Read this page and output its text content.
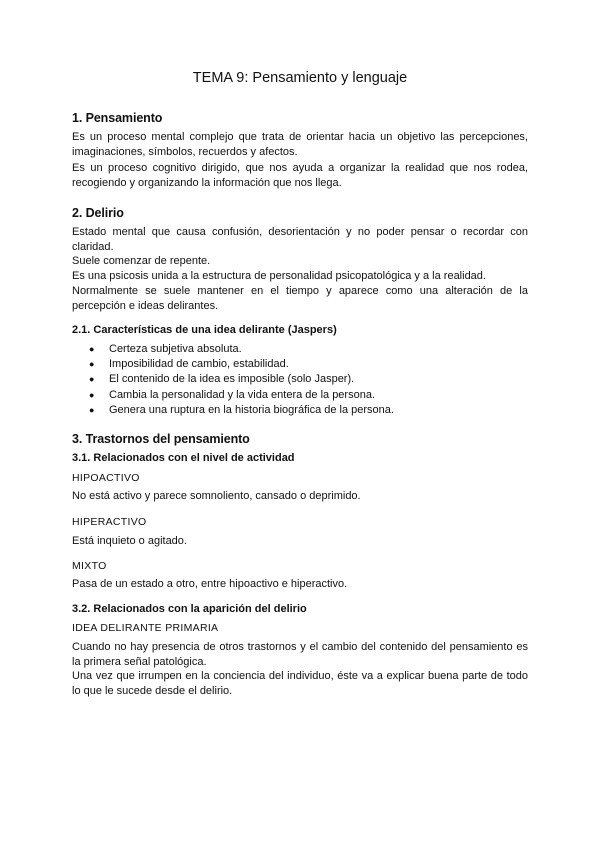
TEMA 9: Pensamiento y lenguaje
1. Pensamiento

Es un proceso mental complejo que trata de orientar hacia un objetivo las percepciones, imaginaciones, símbolos, recuerdos y afectos.

Es un proceso cognitivo dirigido, que nos ayuda a organizar la realidad que nos rodea, recogiendo y organizando la información que nos llega.

2. Delirio

Estado mental que causa confusión, desorientación y no poder pensar o recordar con claridad.

Suele comenzar de repente.

Es una psicosis unida a la estructura de personalidad psicopatológica y a la realidad.

Normalmente se suele mantener en el tiempo y aparece como una alteración de la percepción e ideas delirantes.

2.1. Características de una idea delirante (Jaspers)
● Certeza subjetiva absoluta.
● Imposibilidad de cambio, estabilidad.
● El contenido de la idea es imposible (solo Jasper).
● Cambia la personalidad y la vida entera de la persona.
● Genera una ruptura en la historia biográfica de la persona.
3. Trastornos del pensamiento
3.1. Relacionados con el nivel de actividad

HIPOACTIVO

No está activo y parece somnoliento, cansado o deprimido.

HIPERACTIVO

Está inquieto o agitado.

MIXTO

Pasa de un estado a otro, entre hipoactivo e hiperactivo.

3.2. Relacionados con la aparición del delirio

IDEA DELIRANTE PRIMARIA

Cuando no hay presencia de otros trastornos y el cambio del contenido del pensamiento es la primera señal patológica.

Una vez que irrumpen en la conciencia del individuo, éste va a explicar buena parte de todo lo que le sucede desde el delirio.
